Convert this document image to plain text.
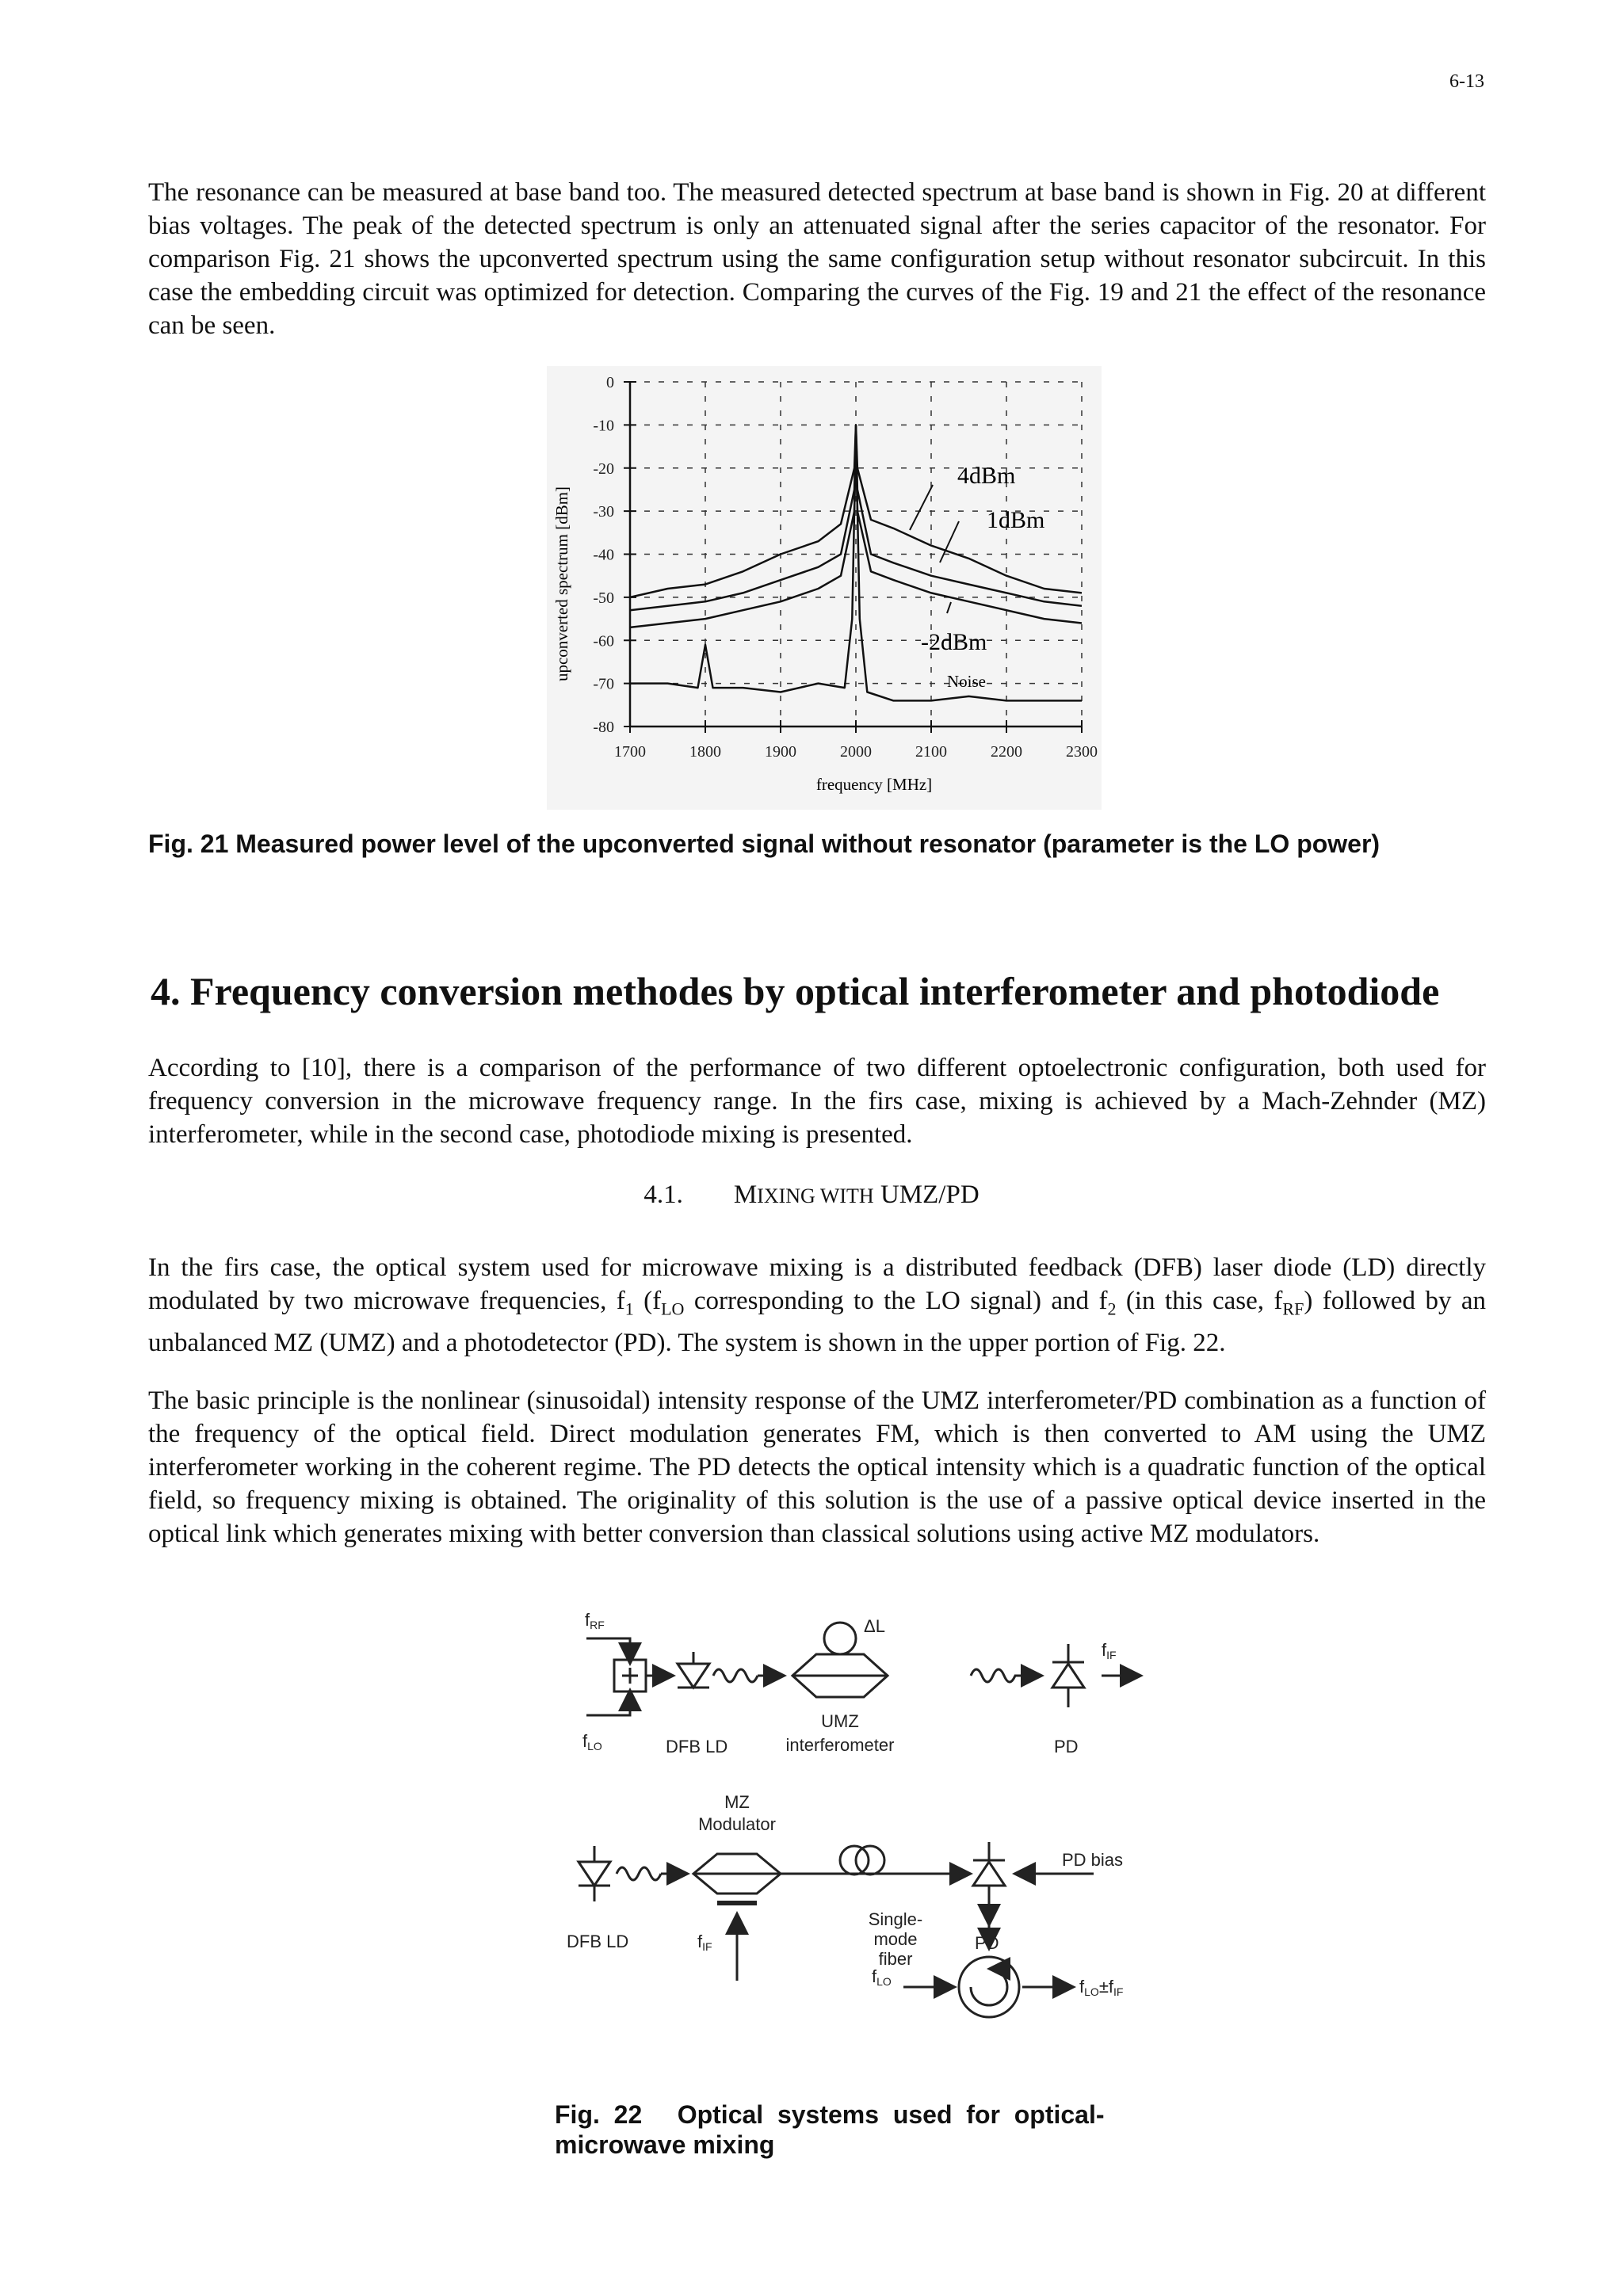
6-13

The resonance can be measured at base band too. The measured detected spectrum at base band is shown in Fig. 20 at different bias voltages. The peak of the detected spectrum is only an attenuated signal after the series capacitor of the resonator. For comparison Fig. 21 shows the upconverted spectrum using the same configuration setup without resonator subcircuit. In this case the embedding circuit was optimized for detection. Comparing the curves of the Fig. 19 and 21 the effect of the resonance can be seen.

0
-10
-20
-30
-40
-50
-60
-70
-80
1700	1800	1900	2000	2100	2200	2300
frequency [MHz]
upconverted spectrum [dBm]
4dBm
1dBm
-2dBm
Noise
Fig. 21 Measured power level of the upconverted signal without resonator (parameter is the LO power)
4. Frequency conversion methodes by optical interferometer and photodiode

According to [10], there is a comparison of the performance of two different optoelectronic configuration, both used for frequency conversion in the microwave frequency range. In the firs case, mixing is achieved by a Mach-Zehnder (MZ) interferometer, while in the second case, photodiode mixing is presented.

4.1. MIXING WITH UMZ/PD

In the firs case, the optical system used for microwave mixing is a distributed feedback (DFB) laser diode (LD) directly modulated by two microwave frequencies, $f_1$ ($f_{LO}$ corresponding to the LO signal) and $f_2$ (in this case, $f_{RF}$) followed by an unbalanced MZ (UMZ) and a photodetector (PD). The system is shown in the upper portion of Fig. 22.

The basic principle is the nonlinear (sinusoidal) intensity response of the UMZ interferometer/PD combination as a function of the frequency of the optical field. Direct modulation generates FM, which is then converted to AM using the UMZ interferometer working in the coherent regime. The PD detects the optical intensity which is a quadratic function of the optical field, so frequency mixing is obtained. The originality of this solution is the use of a passive optical device inserted in the optical link which generates mixing with better conversion than classical solutions using active MZ modulators.

fRF
fLO	DFB LD
ΔL
UMZ
interferometer	PD
fIF
MZ
Modulator
PD bias
DFB LD	fIF
Single-
mode
fiber
PD
fLO	fLO±fIF
Fig.  22     Optical  systems  used  for  optical-
microwave mixing
